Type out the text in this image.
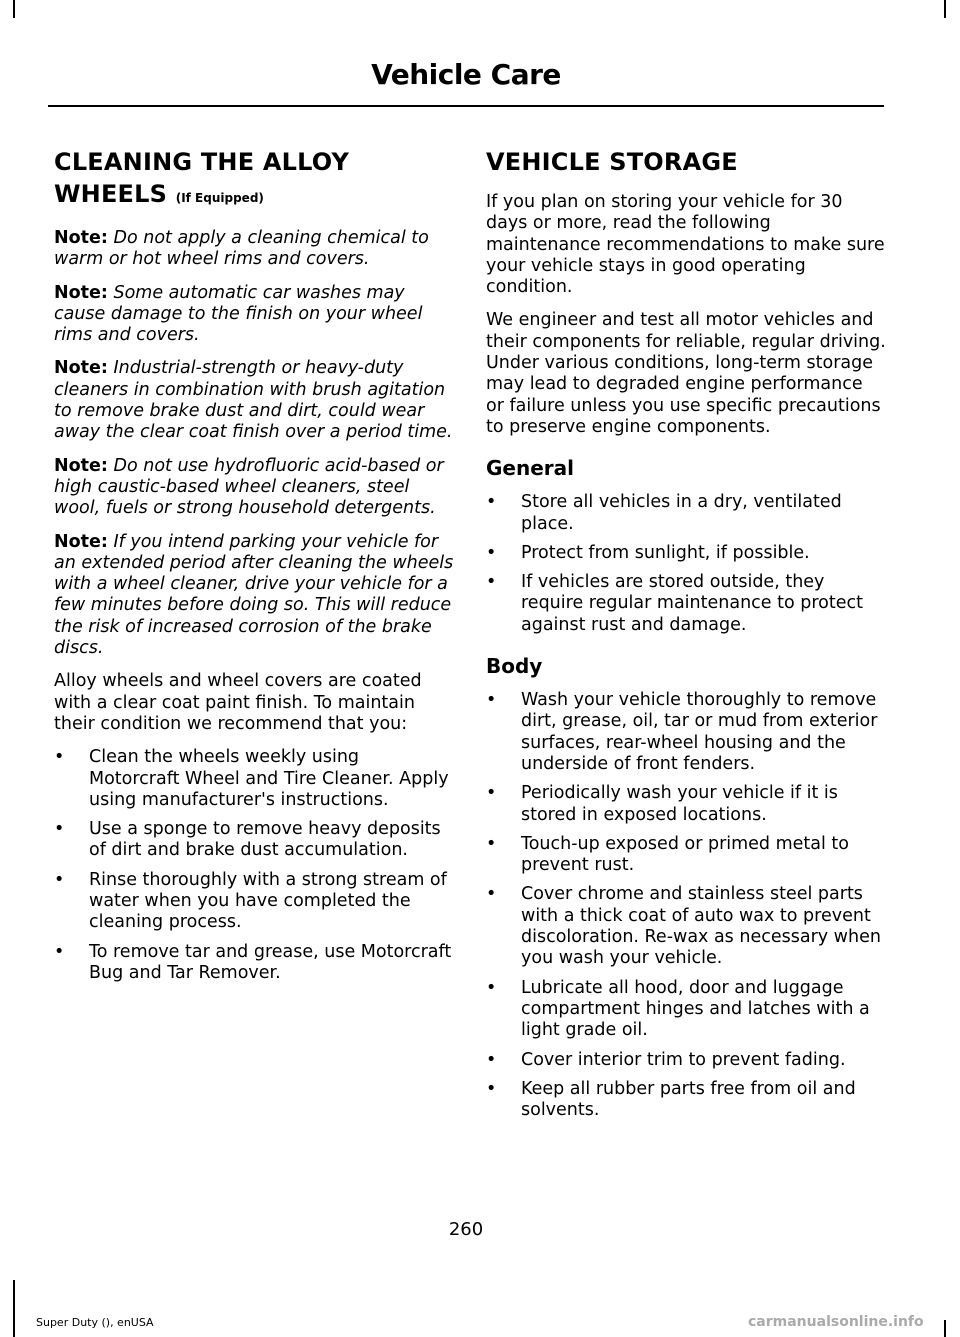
Vehicle Care
CLEANING THE ALLOY
WHEELS (If Equipped)

Note: Do not apply a cleaning chemical to warm or hot wheel rims and covers.

Note: Some automatic car washes may cause damage to the finish on your wheel rims and covers.

Note: Industrial-strength or heavy-duty cleaners in combination with brush agitation to remove brake dust and dirt, could wear away the clear coat finish over a period time.

Note: Do not use hydrofluoric acid-based or high caustic-based wheel cleaners, steel wool, fuels or strong household detergents.

Note: If you intend parking your vehicle for an extended period after cleaning the wheels with a wheel cleaner, drive your vehicle for a few minutes before doing so. This will reduce the risk of increased corrosion of the brake discs.

Alloy wheels and wheel covers are coated with a clear coat paint finish. To maintain their condition we recommend that you:

•	Clean the wheels weekly using Motorcraft Wheel and Tire Cleaner. Apply using manufacturer's instructions.
•	Use a sponge to remove heavy deposits of dirt and brake dust accumulation.
•	Rinse thoroughly with a strong stream of water when you have completed the cleaning process.
•	To remove tar and grease, use Motorcraft Bug and Tar Remover.
VEHICLE STORAGE

If you plan on storing your vehicle for 30 days or more, read the following maintenance recommendations to make sure your vehicle stays in good operating condition.

We engineer and test all motor vehicles and their components for reliable, regular driving. Under various conditions, long-term storage may lead to degraded engine performance or failure unless you use specific precautions to preserve engine components.

General
•	Store all vehicles in a dry, ventilated place.
•	Protect from sunlight, if possible.
•	If vehicles are stored outside, they require regular maintenance to protect against rust and damage.
Body
•	Wash your vehicle thoroughly to remove dirt, grease, oil, tar or mud from exterior surfaces, rear-wheel housing and the underside of front fenders.
•	Periodically wash your vehicle if it is stored in exposed locations.
•	Touch-up exposed or primed metal to prevent rust.
•	Cover chrome and stainless steel parts with a thick coat of auto wax to prevent discoloration. Re-wax as necessary when you wash your vehicle.
•	Lubricate all hood, door and luggage compartment hinges and latches with a light grade oil.
•	Cover interior trim to prevent fading.
•	Keep all rubber parts free from oil and solvents.
260
Super Duty (), enUSA	carmanualsonline.info
